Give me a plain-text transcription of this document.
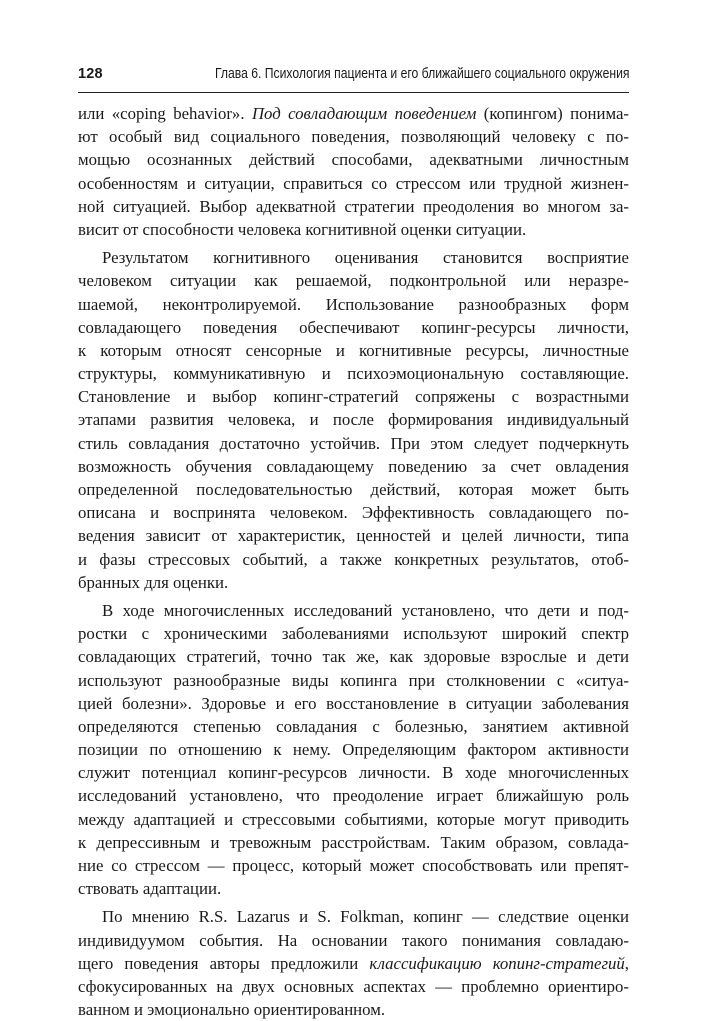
128	Глава 6. Психология пациента и его ближайшего социального окружения
или «coping behavior». Под совладающим поведением (копингом) понима-
ют особый вид социального поведения, позволяющий человеку с по-
мощью осознанных действий способами, адекватными личностным
особенностям и ситуации, справиться со стрессом или трудной жизнен-
ной ситуацией. Выбор адекватной стратегии преодоления во многом за-
висит от способности человека когнитивной оценки ситуации.
Результатом когнитивного оценивания становится восприятие
человеком ситуации как решаемой, подконтрольной или неразре-
шаемой, неконтролируемой. Использование разнообразных форм
совладающего поведения обеспечивают копинг-ресурсы личности,
к которым относят сенсорные и когнитивные ресурсы, личностные
структуры, коммуникативную и психоэмоциональную составляющие.
Становление и выбор копинг-стратегий сопряжены с возрастными
этапами развития человека, и после формирования индивидуальный
стиль совладания достаточно устойчив. При этом следует подчеркнуть
возможность обучения совладающему поведению за счет овладения
определенной последовательностью действий, которая может быть
описана и воспринята человеком. Эффективность совладающего по-
ведения зависит от характеристик, ценностей и целей личности, типа
и фазы стрессовых событий, а также конкретных результатов, отоб-
бранных для оценки.
В ходе многочисленных исследований установлено, что дети и под-
ростки с хроническими заболеваниями используют широкий спектр
совладающих стратегий, точно так же, как здоровые взрослые и дети
используют разнообразные виды копинга при столкновении с «ситуа-
цией болезни». Здоровье и его восстановление в ситуации заболевания
определяются степенью совладания с болезнью, занятием активной
позиции по отношению к нему. Определяющим фактором активности
служит потенциал копинг-ресурсов личности. В ходе многочисленных
исследований установлено, что преодоление играет ближайшую роль
между адаптацией и стрессовыми событиями, которые могут приводить
к депрессивным и тревожным расстройствам. Таким образом, совлада-
ние со стрессом — процесс, который может способствовать или препят-
ствовать адаптации.
По мнению R.S. Lazarus и S. Folkman, копинг — следствие оценки
индивидуумом события. На основании такого понимания совладаю-
щего поведения авторы предложили классификацию копинг-стратегий,
сфокусированных на двух основных аспектах — проблемно ориентиро-
ванном и эмоционально ориентированном.
